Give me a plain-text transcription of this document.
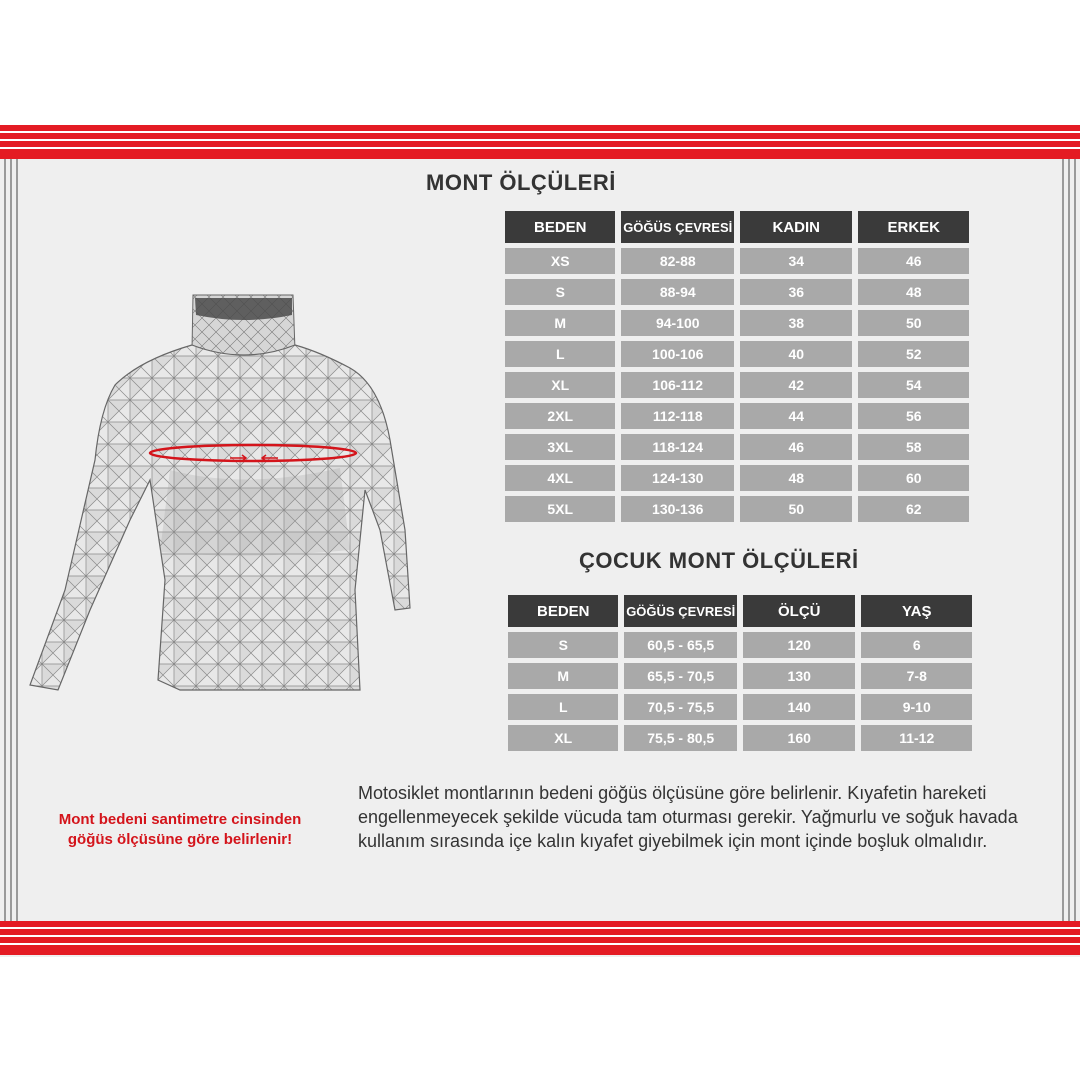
MONT ÖLÇÜLERİ
BEDEN	GÖĞÜS ÇEVRESİ	KADIN	ERKEK
XS	82-88	34	46
S	88-94	36	48
M	94-100	38	50
L	100-106	40	52
XL	106-112	42	54
2XL	112-118	44	56
3XL	118-124	46	58
4XL	124-130	48	60
5XL	130-136	50	62
ÇOCUK MONT ÖLÇÜLERİ
BEDEN	GÖĞÜS ÇEVRESİ	ÖLÇÜ	YAŞ
S	60,5 - 65,5	120	6
M	65,5 - 70,5	130	7-8
L	70,5 - 75,5	140	9-10
XL	75,5 - 80,5	160	11-12
Mont bedeni santimetre cinsinden
göğüs ölçüsüne göre belirlenir!
Motosiklet montlarının bedeni göğüs ölçüsüne göre belirlenir. Kıyafetin hareketi engellenmeyecek şekilde vücuda tam oturması gerekir. Yağmurlu ve soğuk havada kullanım sırasında içe kalın kıyafet giyebilmek için mont içinde boşluk olmalıdır.
